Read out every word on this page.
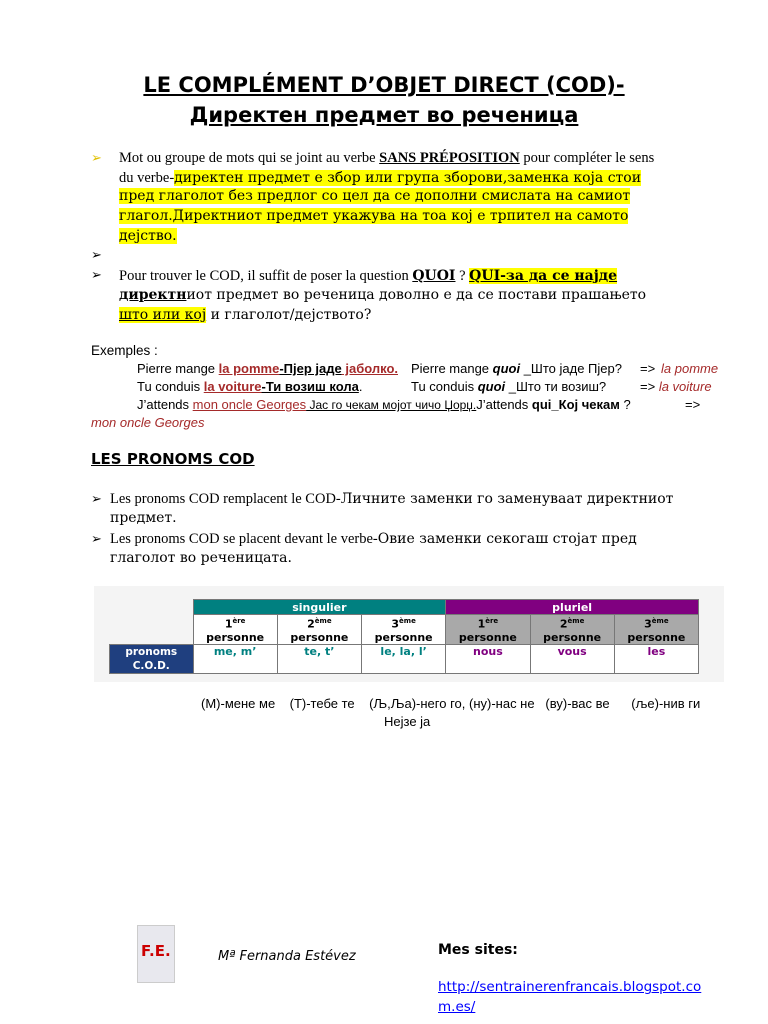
LE COMPLÉMENT D’OBJET DIRECT (COD)-
Директен предмет во реченица
➢ Mot ou groupe de mots qui se joint au verbe SANS PRÉPOSITION pour compléter le sens
du verbe-директен предмет е збор или група зборови,заменка која стои
пред глаголот без предлог со цел да се дополни смислата на самиот
глагол.Директниот предмет укажува на тоа кој е трпител на самото
дејство.
➢
➢ Pour trouver le COD, il suffit de poser la question QUOI ? QUI-за да се најде
директниот предмет во реченица доволно е да се постави прашањето
што или кој и глаголот/дејството?
Exemples :
Pierre mange la pomme-Пјер јаде јаболко. Pierre mange quoi _Што јаде Пјер? => la pomme
Tu conduis la voiture-Ти возиш кола.	Tu conduis quoi _Што ти возиш?	=> la voiture
J’attends mon oncle Georges Јас го чекам мојот чичо Џорџ.J’attends qui_Кој чекам ?	=>
mon oncle Georges
LES PRONOMS COD
➢ Les pronoms COD remplacent le COD-Личните заменки го заменуваат директниот
предмет.
➢ Les pronoms COD se placent devant le verbe-Овие заменки секогаш стојат пред
глаголот во реченицата.
	singulier			pluriel		
	1ère
personne	2ème
personne	3ème
personne	1ère
personne	2ème
personne	3ème
personne
pronoms
C.O.D.	me, m’	te, t’	le, la, l’	nous	vous	les
(М)-мене ме    (Т)-тебе те    (Љ,Ља)-него го, (ну)-нас не   (ву)-вас ве      (ље)-нив ги
Нејзе ја
F.E.	Mª Fernanda Estévez	Mes sites:
http://sentrainerenfrancais.blogspot.co
m.es/
